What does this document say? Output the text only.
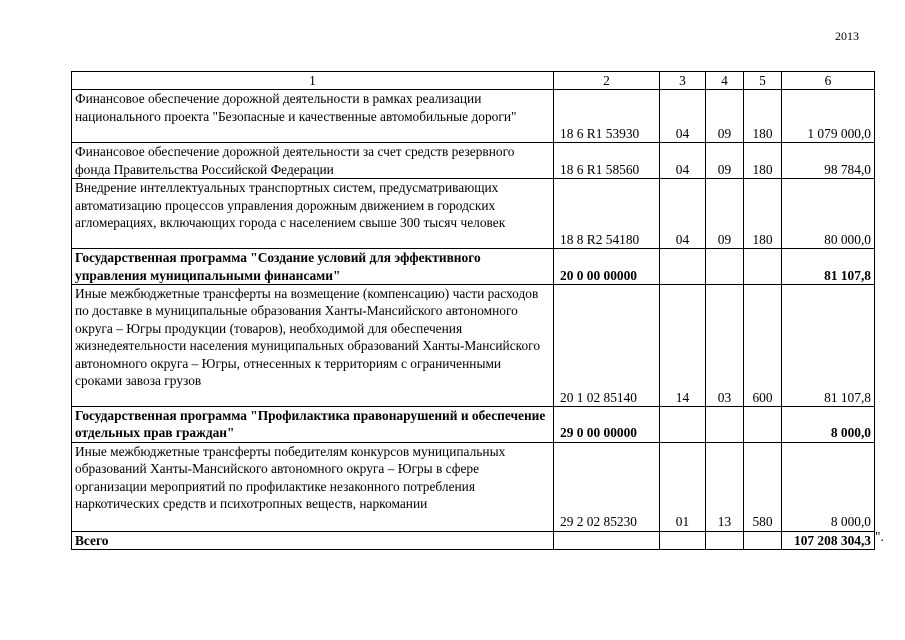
2013
1	2	3	4	5	6
Финансовое обеспечение дорожной деятельности в рамках реализации национального проекта "Безопасные и качественные автомобильные дороги"	18 6 R1 53930	04	09	180	1 079 000,0
Финансовое обеспечение дорожной деятельности за счет средств резервного фонда Правительства Российской Федерации	18 6 R1 58560	04	09	180	98 784,0
Внедрение интеллектуальных транспортных систем, предусматривающих автоматизацию процессов управления дорожным движением в городских агломерациях, включающих города с населением свыше 300 тысяч человек	18 8 R2 54180	04	09	180	80 000,0
Государственная программа "Создание условий для эффективного управления муниципальными финансами"	20 0 00 00000				81 107,8
Иные межбюджетные трансферты на возмещение (компенсацию) части расходов по доставке в муниципальные образования Ханты-Мансийского автономного округа – Югры продукции (товаров), необходимой для обеспечения жизнедеятельности населения муниципальных образований Ханты-Мансийского автономного округа – Югры, отнесенных к территориям с ограниченными сроками завоза грузов	20 1 02 85140	14	03	600	81 107,8
Государственная программа "Профилактика правонарушений и обеспечение отдельных прав граждан"	29 0 00 00000				8 000,0
Иные межбюджетные трансферты победителям конкурсов муниципальных образований Ханты-Мансийского автономного округа – Югры в сфере организации мероприятий по профилактике незаконного потребления наркотических средств и психотропных веществ, наркомании	29 2 02 85230	01	13	580	8 000,0
Всего					107 208 304,3 ".
